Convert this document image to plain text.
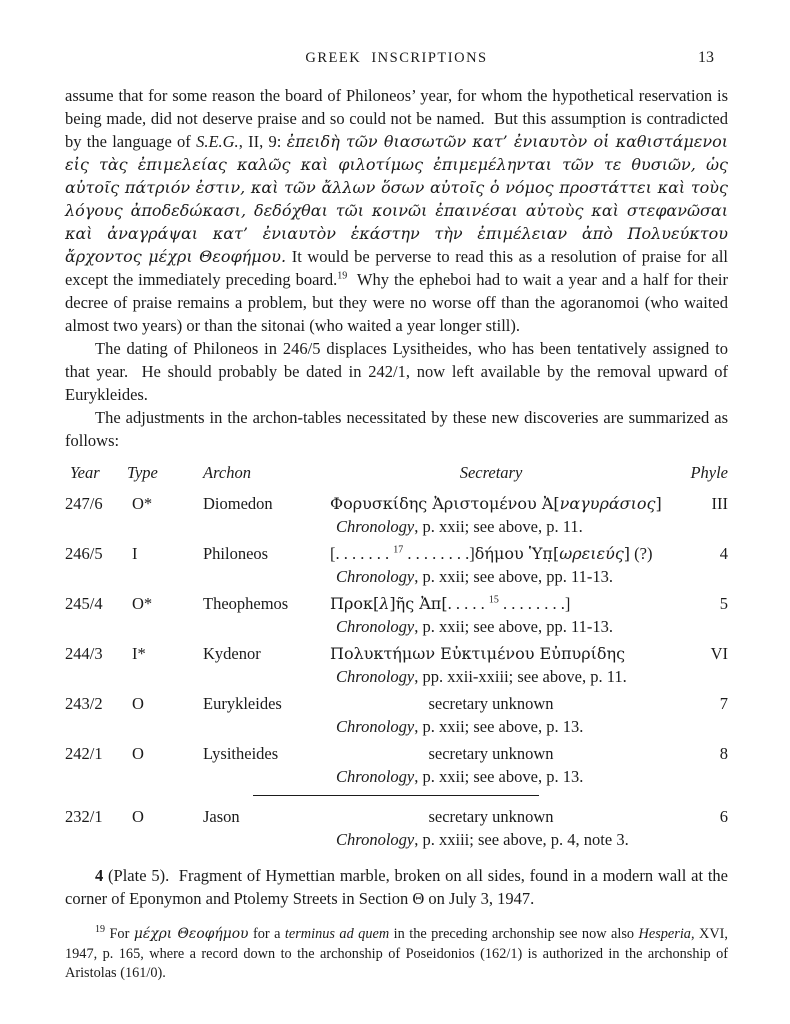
GREEK INSCRIPTIONS	13

assume that for some reason the board of Philoneos’ year, for whom the hypothetical reservation is being made, did not deserve praise and so could not be named.  But this assumption is contradicted by the language of S.E.G., II, 9: ἐπειδὴ τῶν θιασωτῶν κατ’ ἐνιαυτὸν οἱ καθιστάμενοι εἰς τὰς ἐπιμελείας καλῶς καὶ φιλοτίμως ἐπιμεμέληνται τῶν τε θυσιῶν, ὡς αὐτοῖς πάτριόν ἐστιν, καὶ τῶν ἄλλων ὅσων αὐτοῖς ὁ νόμος προστάττει καὶ τοὺς λόγους ἀποδεδώκασι, δεδόχθαι τῶι κοινῶι ἐπαινέσαι αὐτοὺς καὶ στεφανῶσαι καὶ ἀναγράψαι κατ’ ἐνιαυτὸν ἑκάστην τὴν ἐπιμέλειαν ἀπὸ Πολυεύκτου ἄρχοντος μέχρι Θεοφήμου. It would be perverse to read this as a resolution of praise for all except the immediately preceding board.$^{19}$  Why the epheboi had to wait a year and a half for their decree of praise remains a problem, but they were no worse off than the agoranomoi (who waited almost two years) or than the sitonai (who waited a year longer still).

The dating of Philoneos in 246/5 displaces Lysitheides, who has been tentatively assigned to that year.  He should probably be dated in 242/1, now left available by the removal upward of Eurykleides.

The adjustments in the archon-tables necessitated by these new discoveries are summarized as follows:

Year	Type	Archon	Secretary	Phyle
247/6	O*	Diomedon	Φορυσκίδης Ἀριστομένου Ἀ[ναγυράσιος]	III
Chronology, p. xxii; see above, p. 11.
246/5	I	Philoneos	[. . . . . . . $^{17}$ . . . . . . . .]δήμου Ὑπ̣[ωρειεύς] (?)	4
Chronology, p. xxii; see above, pp. 11-13.
245/4	O*	Theophemos	Προκ[λ]ῆς Ἀπ[. . . . . $^{15}$ . . . . . . . .]	5
Chronology, p. xxii; see above, pp. 11-13.
244/3	I*	Kydenor	Πολυκτήμων Εὐκτιμένου Εὐπυρίδης	VI
Chronology, pp. xxii-xxiii; see above, p. 11.
243/2	O	Eurykleides	secretary unknown	7
Chronology, p. xxii; see above, p. 13.
242/1	O	Lysitheides	secretary unknown	8
Chronology, p. xxii; see above, p. 13.
232/1	O	Jason	secretary unknown	6
Chronology, p. xxiii; see above, p. 4, note 3.

4 (Plate 5).  Fragment of Hymettian marble, broken on all sides, found in a modern wall at the corner of Eponymon and Ptolemy Streets in Section Θ on July 3, 1947.

$^{19}$ For μέχρι Θεοφήμου for a terminus ad quem in the preceding archonship see now also Hesperia, XVI, 1947, p. 165, where a record down to the archonship of Poseidonios (162/1) is authorized in the archonship of Aristolas (161/0).
